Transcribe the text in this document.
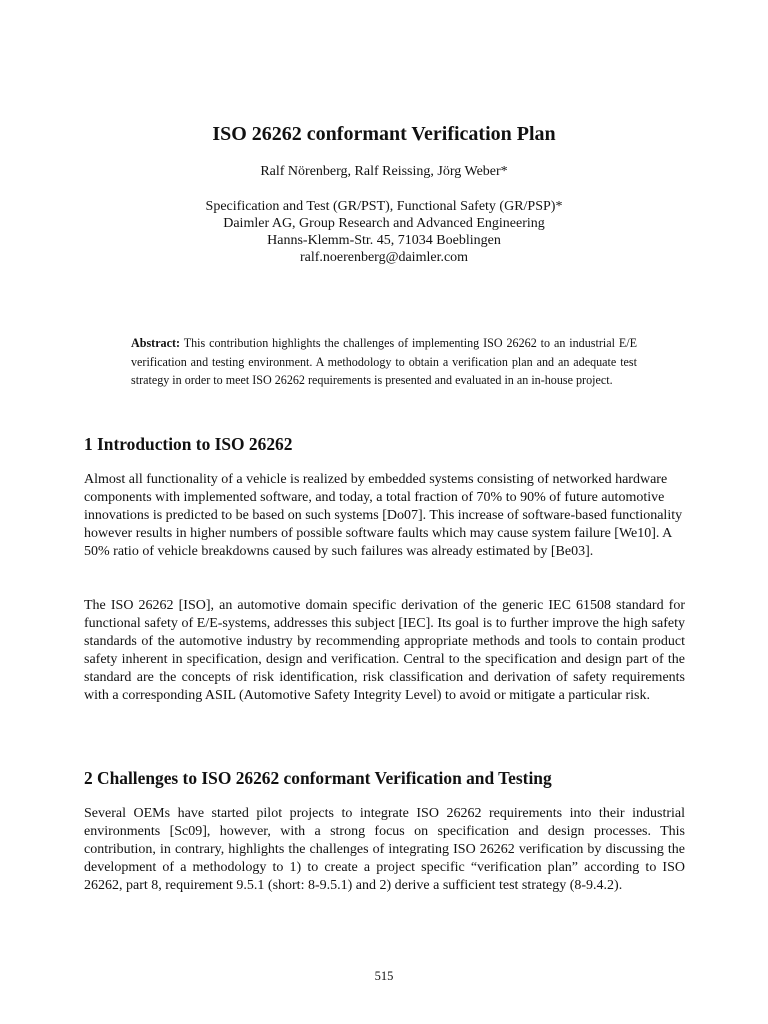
ISO 26262 conformant Verification Plan
Ralf Nörenberg, Ralf Reissing, Jörg Weber*
Specification and Test (GR/PST), Functional Safety (GR/PSP)*
Daimler AG, Group Research and Advanced Engineering
Hanns-Klemm-Str. 45, 71034 Boeblingen
ralf.noerenberg@daimler.com

Abstract: This contribution highlights the challenges of implementing ISO 26262 to an industrial E/E verification and testing environment. A methodology to obtain a verification plan and an adequate test strategy in order to meet ISO 26262 requirements is presented and evaluated in an in-house project.

1 Introduction to ISO 26262

Almost all functionality of a vehicle is realized by embedded systems consisting of networked hardware components with implemented software, and today, a total fraction of 70% to 90% of future automotive innovations is predicted to be based on such systems [Do07]. This increase of software-based functionality however results in higher numbers of possible software faults which may cause system failure [We10]. A 50% ratio of vehicle breakdowns caused by such failures was already estimated by [Be03].

The ISO 26262 [ISO], an automotive domain specific derivation of the generic IEC 61508 standard for functional safety of E/E-systems, addresses this subject [IEC]. Its goal is to further improve the high safety standards of the automotive industry by recommending appropriate methods and tools to contain product safety inherent in specification, design and verification. Central to the specification and design part of the standard are the concepts of risk identification, risk classification and derivation of safety requirements with a corresponding ASIL (Automotive Safety Integrity Level) to avoid or mitigate a particular risk.

2 Challenges to ISO 26262 conformant Verification and Testing

Several OEMs have started pilot projects to integrate ISO 26262 requirements into their industrial environments [Sc09], however, with a strong focus on specification and design processes. This contribution, in contrary, highlights the challenges of integrating ISO 26262 verification by discussing the development of a methodology to 1) to create a project specific “verification plan” according to ISO 26262, part 8, requirement 9.5.1 (short: 8-9.5.1) and 2) derive a sufficient test strategy (8-9.4.2).

515
